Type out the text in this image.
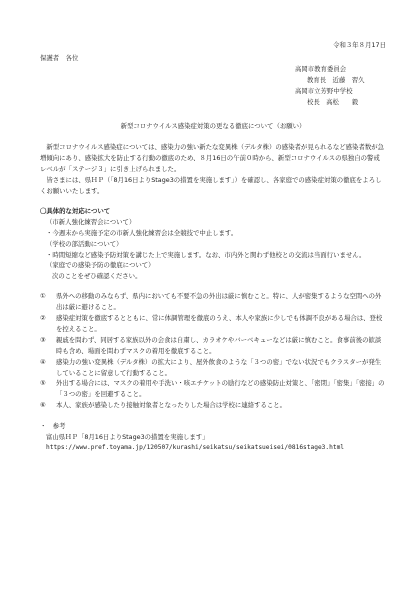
令和３年８月17日
保護者　各位
高岡市教育委員会
教育長　近藤　習久
高岡市立芳野中学校
校長　高松　　毅
新型コロナウイルス感染症対策の更なる徹底について（お願い）

新型コロナウイルス感染症については、感染力の強い新たな変異株（デルタ株）の感染者が見られるなど感染者数が急増傾向にあり、感染拡大を防止する行動の徹底のため、８月16日の午前０時から、新型コロナウイルスの県独自の警戒レベルが「ステージ３」に引き上げられました。

皆さまには、県ＨＰ（「8月16日よりStage3の措置を実施します」）を確認し、各家庭での感染症対策の徹底をよろしくお願いいたします。

〇具体的な対応について
（市新人強化練習会について）
・今週末から実施予定の市新人強化練習会は全競技で中止します。
（学校の部活動について）
・時間短縮など感染予防対策を講じた上で実施します。なお、市内外と関わず他校との交流は当面行いません。
（家庭での感染予防の徹底について）
次のことをぜひ確認ください。
① 県外への移動のみならず、県内においても不要不急の外出は厳に慎むこと。特に、人が密集するような空間への外出は厳に避けること。
② 感染症対策を徹底するとともに、常に体調管理を徹底のうえ、本人や家族に少しでも体調不良がある場合は、登校を控えること。
③ 親戚を問わず、同居する家族以外の会食は自粛し、カラオケやバーベキューなどは厳に慎むこと。食事前後の歓談時も含め、場面を問わずマスクの着用を徹底すること。
④ 感染力の強い変異株（デルタ株）の拡大により、屋外飲食のような「３つの密」でない状況でもクラスターが発生していることに留意して行動すること。
⑤ 外出する場合には、マスクの着用や手洗い・咳エチケットの励行などの感染防止対策と、「密閉」「密集」「密接」の「３つの密」を回避すること。
⑥ 本人、家族が感染したり接触対象者となったりした場合は学校に連絡すること。
・　参考
富山県ＨＰ「8月16日よりStage3の措置を実施します」
https://www.pref.toyama.jp/120507/kurashi/seikatsu/seikatsueisei/0816stage3.html
